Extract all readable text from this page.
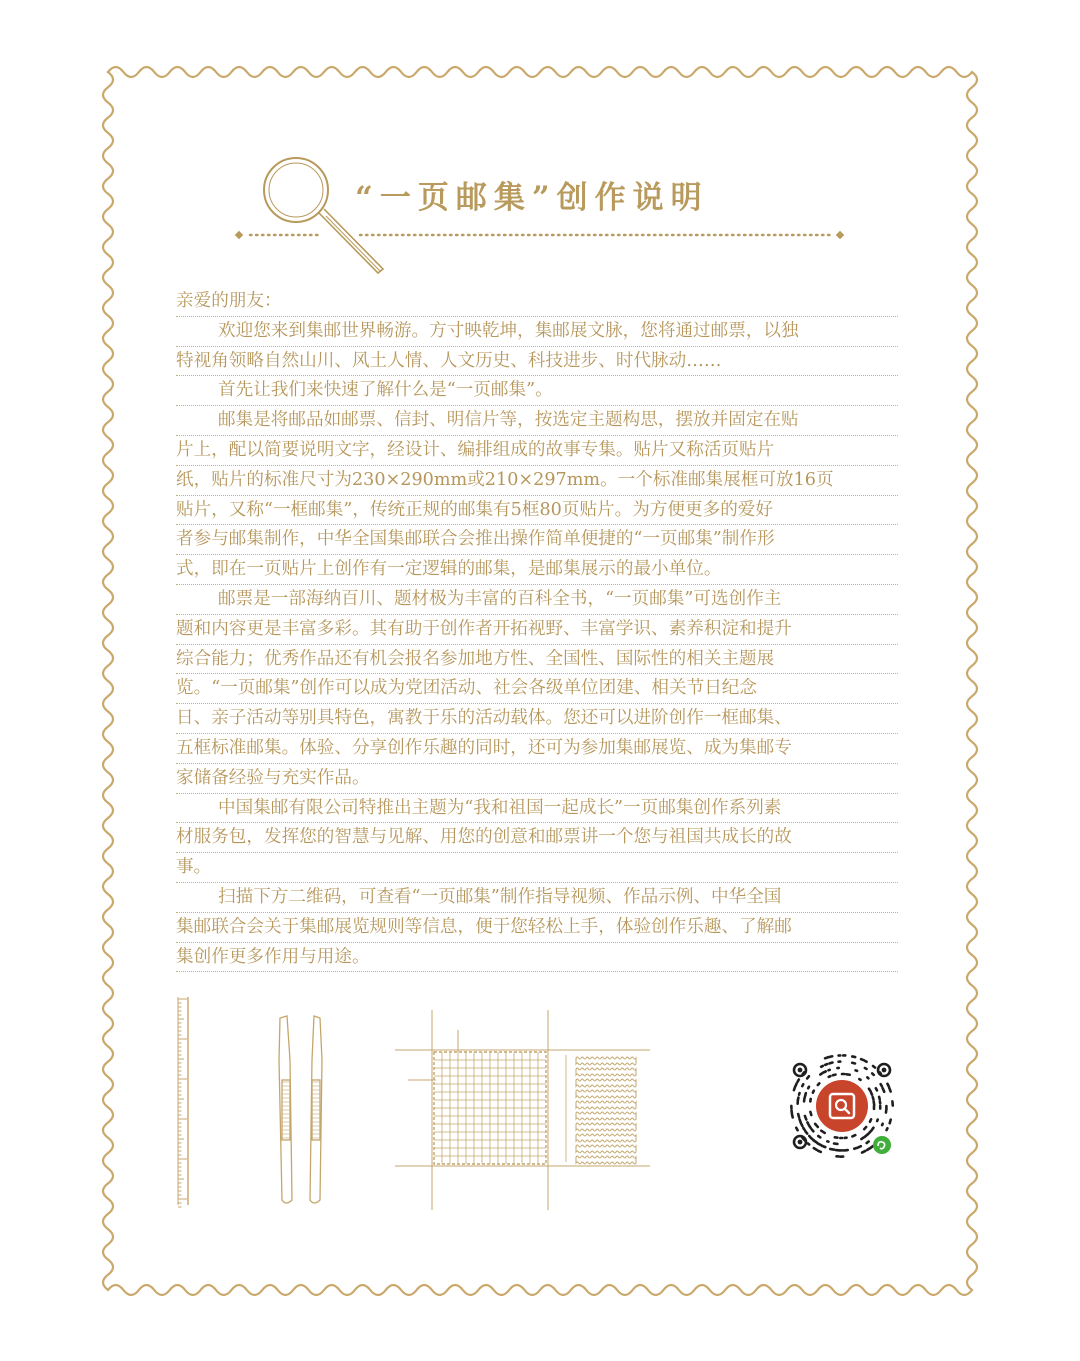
“一页邮集”创作说明
亲爱的朋友：
欢迎您来到集邮世界畅游。方寸映乾坤，集邮展文脉，您将通过邮票，以独
特视角领略自然山川、风土人情、人文历史、科技进步、时代脉动……
首先让我们来快速了解什么是“一页邮集”。
邮集是将邮品如邮票、信封、明信片等，按选定主题构思，摆放并固定在贴
片上，配以简要说明文字，经设计、编排组成的故事专集。贴片又称活页贴片
纸，贴片的标准尺寸为230×290mm或210×297mm。一个标准邮集展框可放16页
贴片，又称“一框邮集”，传统正规的邮集有5框80页贴片。为方便更多的爱好
者参与邮集制作，中华全国集邮联合会推出操作简单便捷的“一页邮集”制作形
式，即在一页贴片上创作有一定逻辑的邮集，是邮集展示的最小单位。
邮票是一部海纳百川、题材极为丰富的百科全书，“一页邮集”可选创作主
题和内容更是丰富多彩。其有助于创作者开拓视野、丰富学识、素养积淀和提升
综合能力；优秀作品还有机会报名参加地方性、全国性、国际性的相关主题展
览。“一页邮集”创作可以成为党团活动、社会各级单位团建、相关节日纪念
日、亲子活动等别具特色，寓教于乐的活动载体。您还可以进阶创作一框邮集、
五框标准邮集。体验、分享创作乐趣的同时，还可为参加集邮展览、成为集邮专
家储备经验与充实作品。
中国集邮有限公司特推出主题为“我和祖国一起成长”一页邮集创作系列素
材服务包，发挥您的智慧与见解、用您的创意和邮票讲一个您与祖国共成长的故
事。
扫描下方二维码，可查看“一页邮集”制作指导视频、作品示例、中华全国
集邮联合会关于集邮展览规则等信息，便于您轻松上手，体验创作乐趣、了解邮
集创作更多作用与用途。
